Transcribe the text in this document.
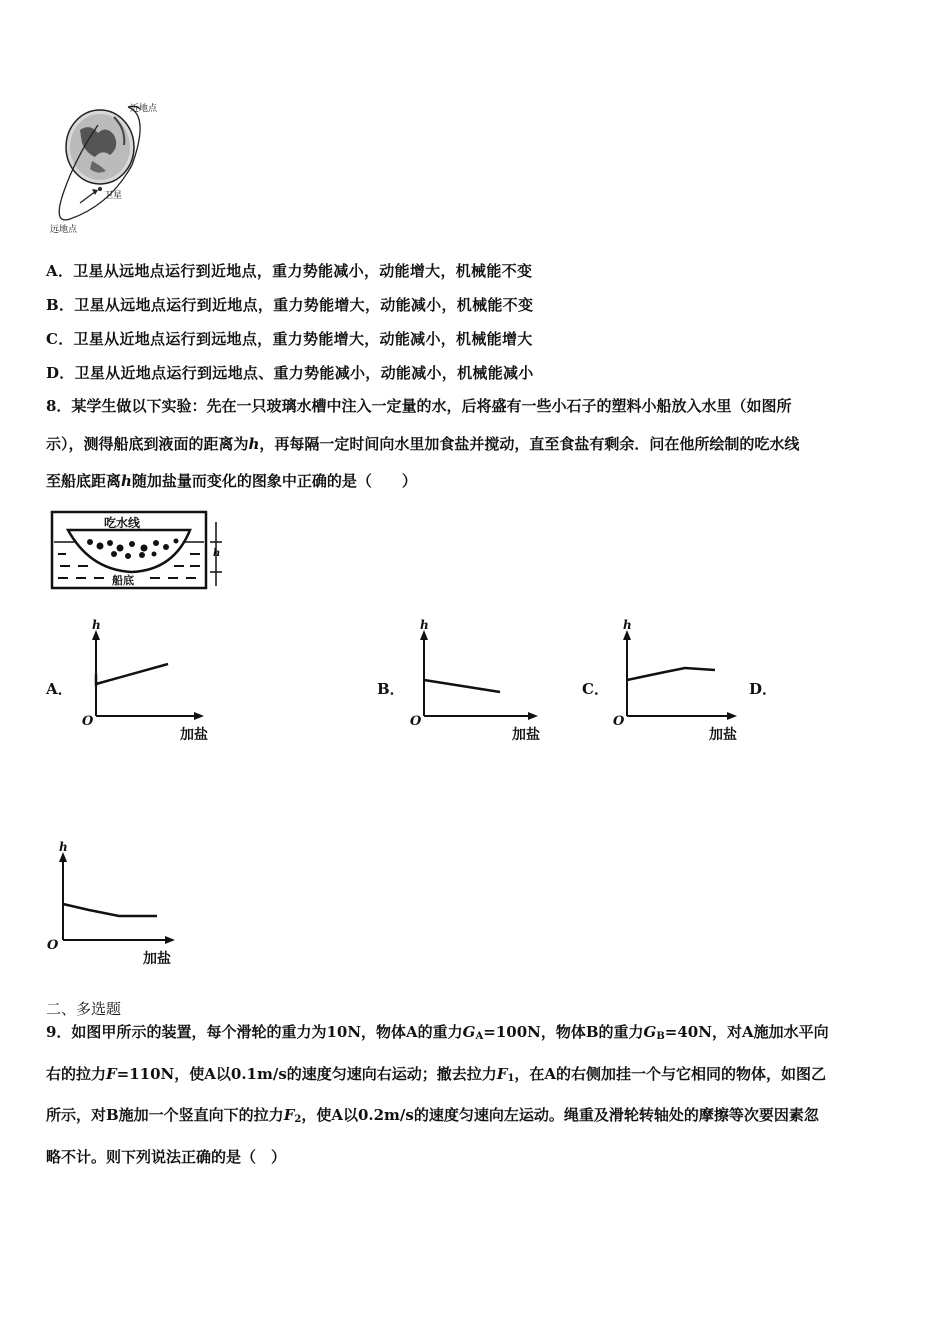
近地点
卫星
远地点
A．卫星从远地点运行到近地点，重力势能减小，动能增大，机械能不变
B．卫星从远地点运行到近地点，重力势能增大，动能减小，机械能不变
C．卫星从近地点运行到远地点，重力势能增大，动能减小，机械能增大
D．卫星从近地点运行到远地点、重力势能减小，动能减小，机械能减小
8．某学生做以下实验：先在一只玻璃水槽中注入一定量的水，后将盛有一些小石子的塑料小船放入水里（如图所
示），测得船底到液面的距离为h，再每隔一定时间向水里加食盐并搅动，直至食盐有剩余．问在他所绘制的吃水线
至船底距离h随加盐量而变化的图象中正确的是（　　）
吃水线
船底
h
A．	B．	C．	D．
h
O
加盐
h
O
加盐
h
O
加盐
h
O
加盐
二、多选题
9．如图甲所示的装置，每个滑轮的重力为10N，物体A的重力$G_A=100N$，物体B的重力$G_B=40N$，对A施加水平向
右的拉力F=110N，使A以0.1m/s的速度匀速向右运动；撤去拉力$F_1$，在A的右侧加挂一个与它相同的物体，如图乙
所示，对B施加一个竖直向下的拉力$F_2$，使A以0.2m/s的速度匀速向左运动。绳重及滑轮转轴处的摩擦等次要因素忽
略不计。则下列说法正确的是（　）
